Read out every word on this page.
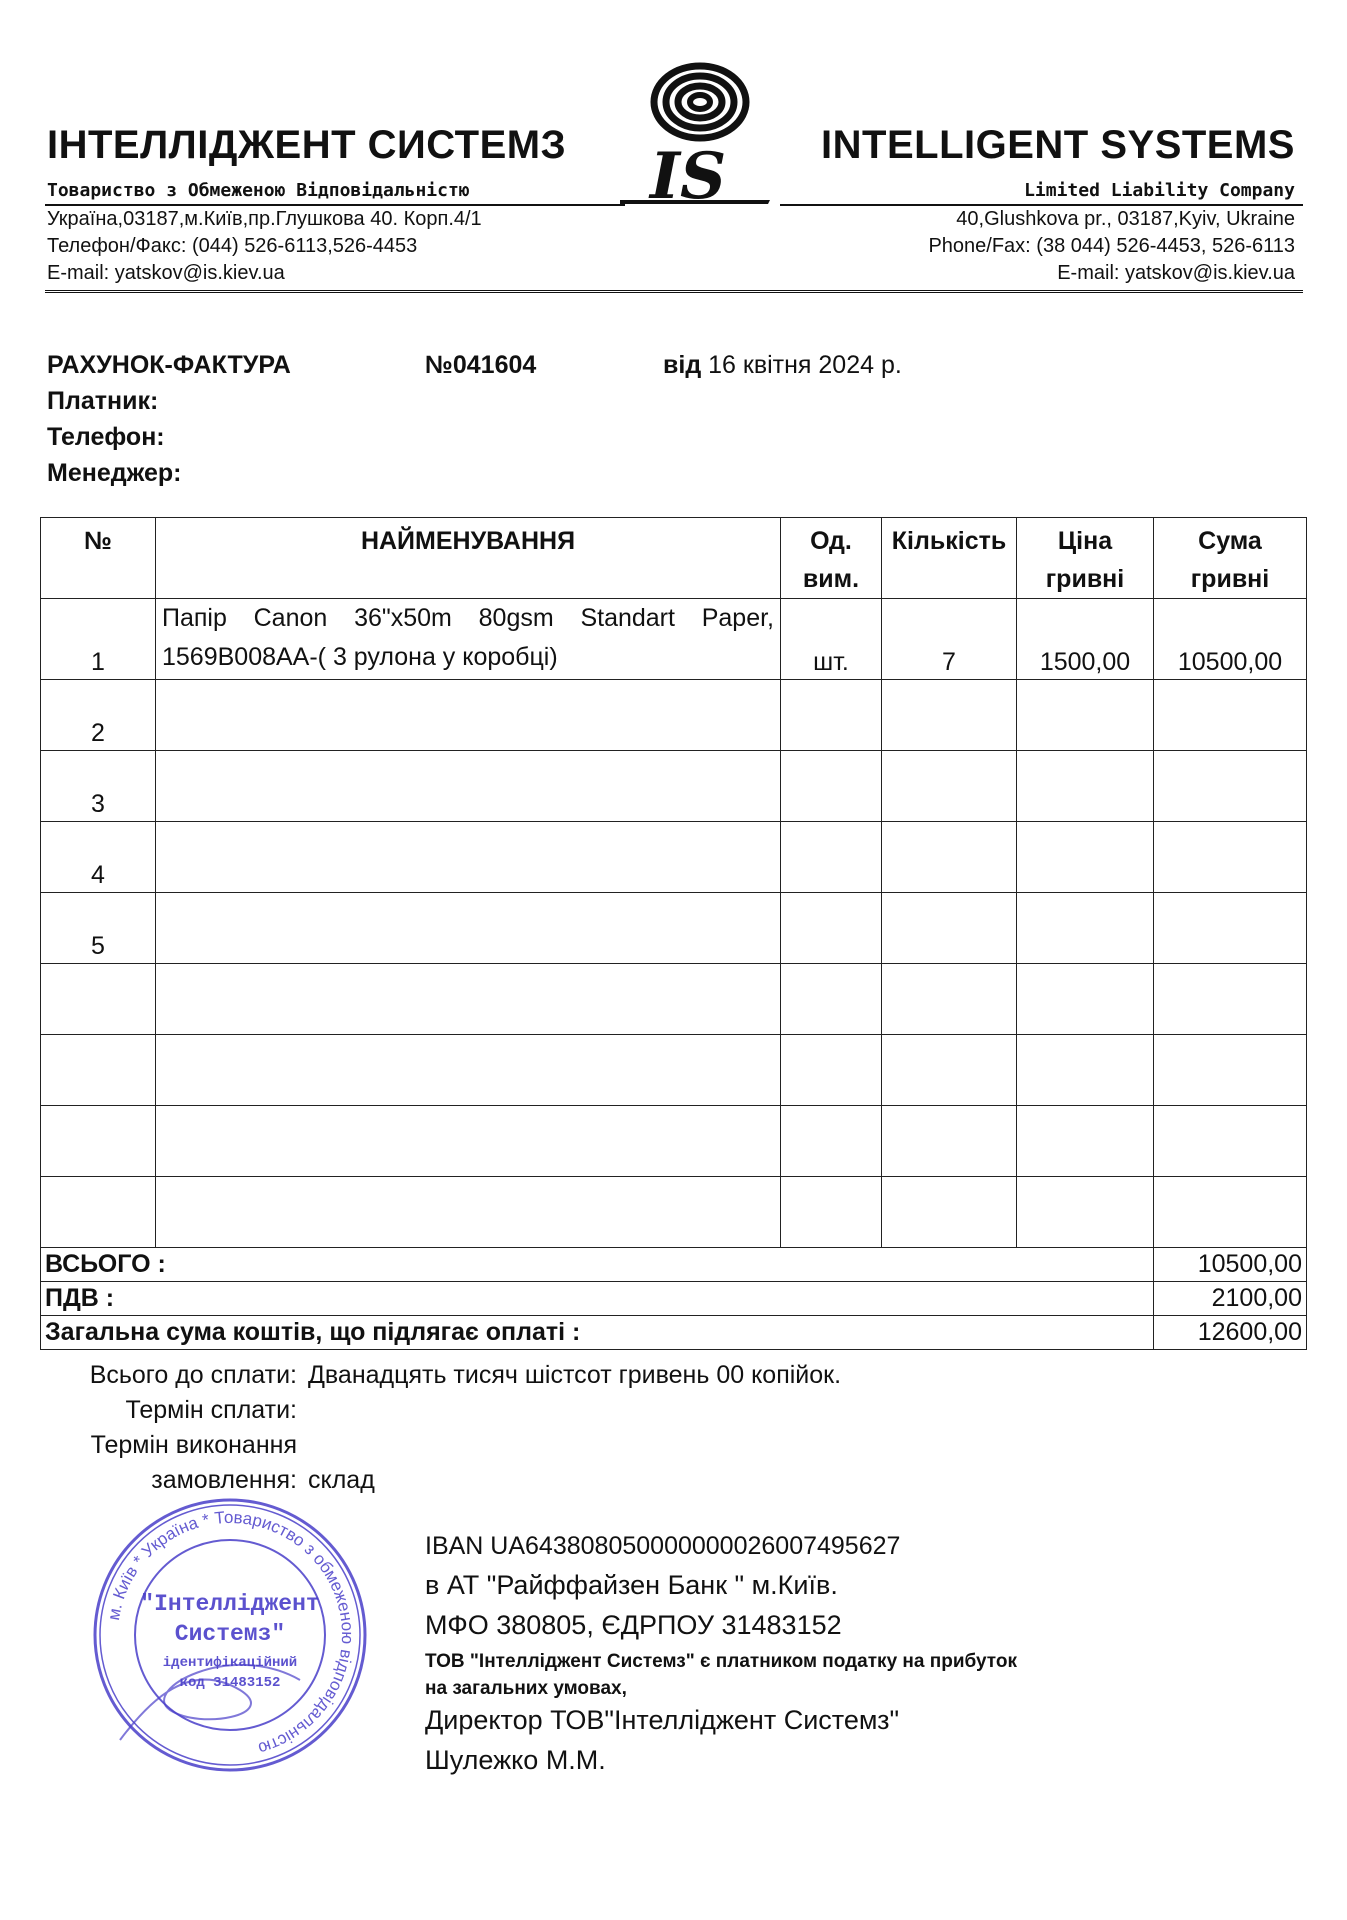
ІНТЕЛЛІДЖЕНТ СИСТЕМЗ	INTELLIGENT SYSTEMS
IS
Товариство з Обмеженою Відповідальністю	Limited Liability Company
Україна,03187,м.Київ,пр.Глушкова 40. Корп.4/1
Телефон/Факс: (044) 526-6113,526-4453
E-mail: yatskov@is.kiev.ua
40,Glushkova pr., 03187,Kyiv, Ukraine
Phone/Fax: (38 044) 526-4453, 526-6113
E-mail: yatskov@is.kiev.ua
РАХУНОК-ФАКТУРА	№041604	від 16 квітня 2024 р.
Платник:
Телефон:
Менеджер:
№	НАЙМЕНУВАННЯ	Од. вим.	Кількість	Ціна гривні	Сума гривні
1	Папір Canon 36"x50m 80gsm Standart Paper, 1569B008AA-( 3 рулона у коробці)	шт.	7	1500,00	10500,00
2					
3					
4					
5					

ВСЬОГО :					10500,00
ПДВ :					2100,00
Загальна сума коштів, що підлягає оплаті :					12600,00
Всього до сплати: Дванадцять тисяч шістсот гривень 00 копійок.
Термін сплати:
Термін виконання
замовлення: склад
IBAN UA643808050000000026007495627
в АТ "Райффайзен Банк " м.Київ.
МФО 380805, ЄДРПОУ 31483152
ТОВ "Інтелліджент Системз" є платником податку на прибуток
на загальних умовах,
Директор ТОВ"Інтелліджент Системз"
Шулежко М.М.
м. Київ * Україна * Товариство з обмеженою відповідальністю
"Інтелліджент
Системз"
ідентифікаційний
код 31483152
